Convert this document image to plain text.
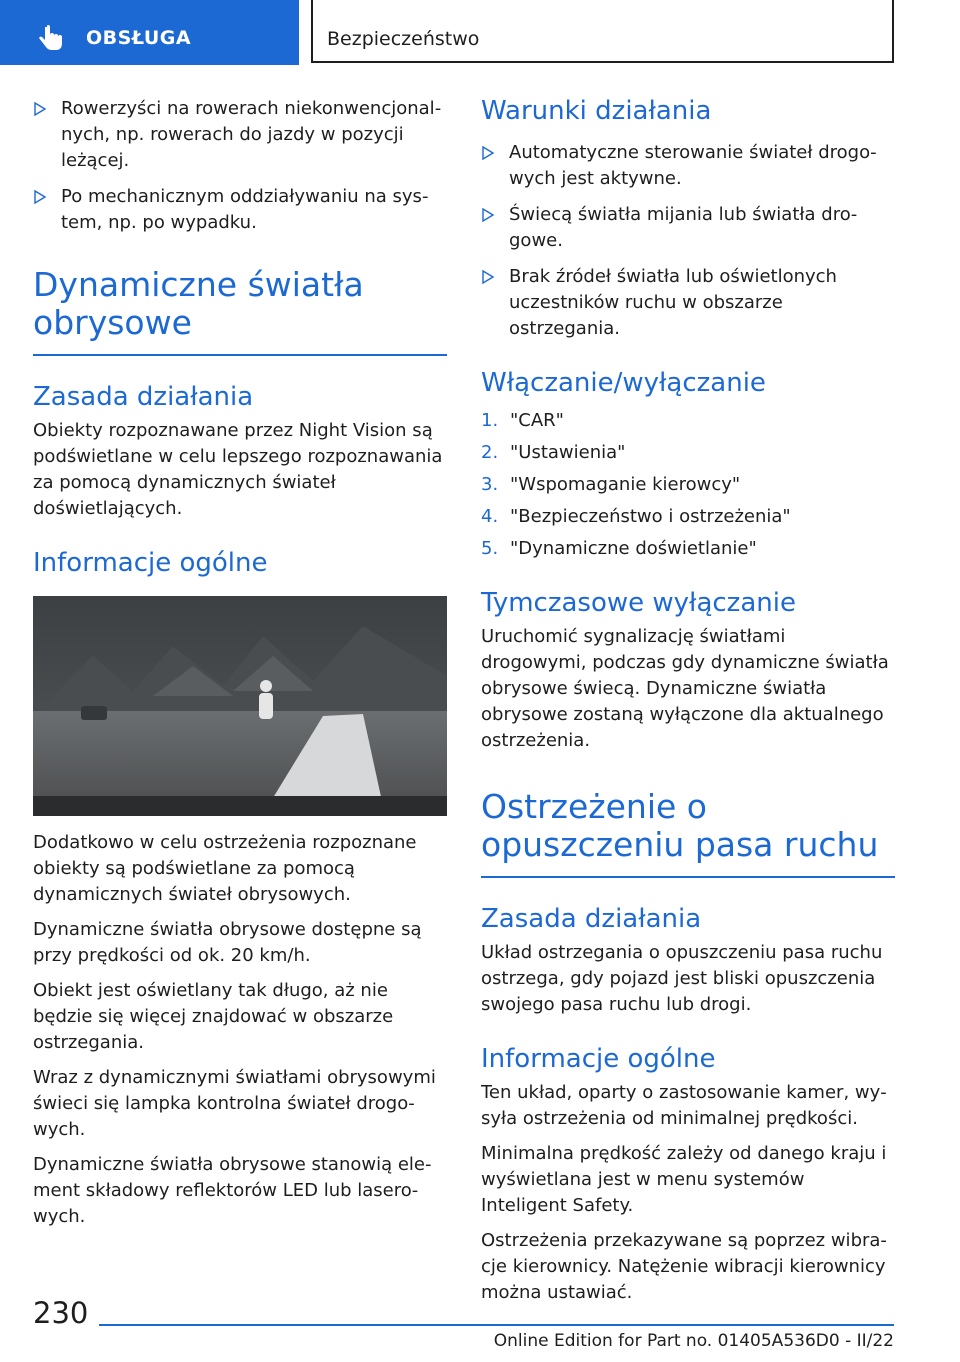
OBSŁUGA	Bezpieczeństwo
Rowerzyści na rowerach niekonwencjonalnych, np. rowerach do jazdy w pozycji leżącej.
Po mechanicznym oddziaływaniu na system, np. po wypadku.
Dynamiczne światła obrysowe
Zasada działania

Obiekty rozpoznawane przez Night Vision są podświetlane w celu lepszego rozpoznawania za pomocą dynamicznych świateł doświetlających.

Informacje ogólne

Dodatkowo w celu ostrzeżenia rozpoznane obiekty są podświetlane za pomocą dynamicznych świateł obrysowych.

Dynamiczne światła obrysowe dostępne są przy prędkości od ok. 20 km/h.

Obiekt jest oświetlany tak długo, aż nie będzie się więcej znajdować w obszarze ostrzegania.

Wraz z dynamicznymi światłami obrysowymi świeci się lampka kontrolna świateł drogowych.

Dynamiczne światła obrysowe stanowią element składowy reflektorów LED lub laserowych.

Warunki działania
Automatyczne sterowanie świateł drogowych jest aktywne.
Świecą światła mijania lub światła drogowe.
Brak źródeł światła lub oświetlonych uczestników ruchu w obszarze ostrzegania.
Włączanie/wyłączanie
1. "CAR"
2. "Ustawienia"
3. "Wspomaganie kierowcy"
4. "Bezpieczeństwo i ostrzeżenia"
5. "Dynamiczne doświetlanie"
Tymczasowe wyłączanie

Uruchomić sygnalizację światłami drogowymi, podczas gdy dynamiczne światła obrysowe świecą. Dynamiczne światła obrysowe zostaną wyłączone dla aktualnego ostrzeżenia.

Ostrzeżenie o opuszczeniu pasa ruchu
Zasada działania

Układ ostrzegania o opuszczeniu pasa ruchu ostrzega, gdy pojazd jest bliski opuszczenia swojego pasa ruchu lub drogi.

Informacje ogólne

Ten układ, oparty o zastosowanie kamer, wysyła ostrzeżenia od minimalnej prędkości.

Minimalna prędkość zależy od danego kraju i wyświetlana jest w menu systemów Inteligent Safety.

Ostrzeżenia przekazywane są poprzez wibracje kierownicy. Natężenie wibracji kierownicy można ustawiać.

230
Online Edition for Part no. 01405A536D0 - II/22
